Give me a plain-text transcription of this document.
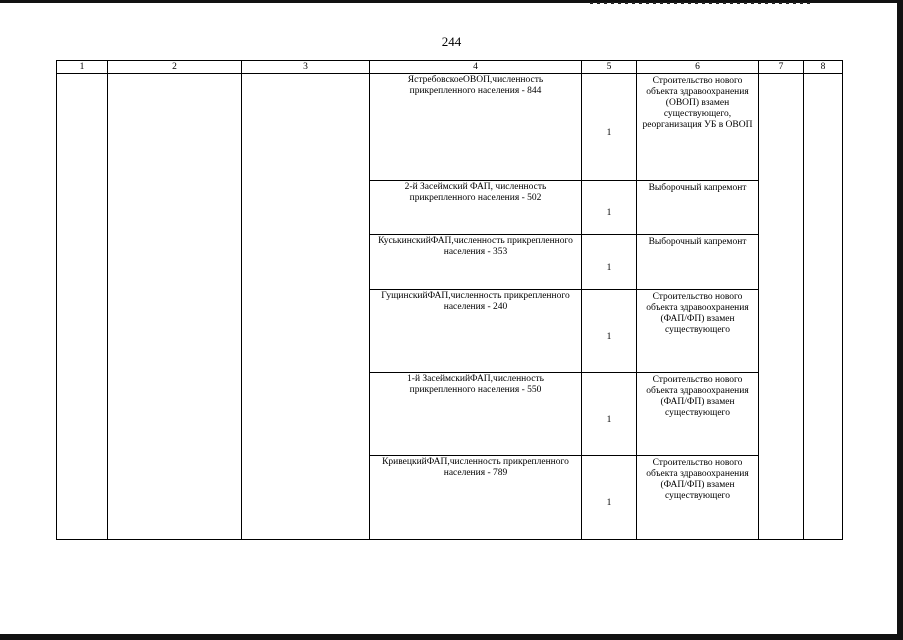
244
1	2	3	4	5	6	7	8
			ЯстребовскоеОВОП,численность прикрепленного населения - 844	1	Строительство нового объекта здравоохранения (ОВОП) взамен существующего, реорганизация УБ в ОВОП		
			2-й Засеймский ФАП, численность прикрепленного населения - 502	1	Выборочный капремонт		
			КуськинскийФАП,численность прикрепленного населения - 353	1	Выборочный капремонт		
			ГущинскийФАП,численность прикрепленного населения - 240	1	Строительство нового объекта здравоохранения (ФАП/ФП) взамен существующего		
			1-й ЗасеймскийФАП,численность прикрепленного населения - 550	1	Строительство нового объекта здравоохранения (ФАП/ФП) взамен существующего		
			КривецкийФАП,численность прикрепленного населения - 789	1	Строительство нового объекта здравоохранения (ФАП/ФП) взамен существующего		
